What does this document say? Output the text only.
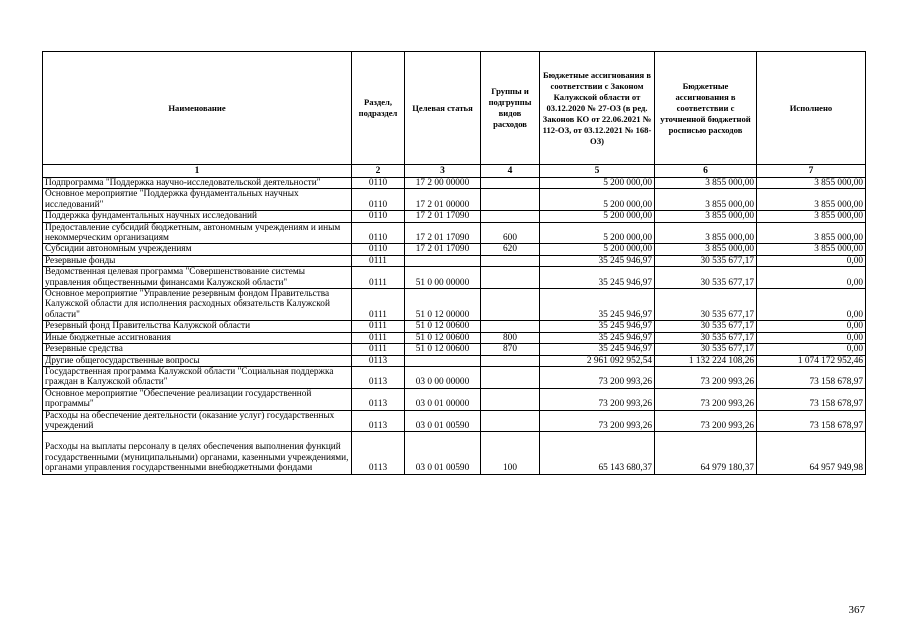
Наименование	Раздел, подраздел	Целевая статья	Группы и подгруппы видов расходов	Бюджетные ассигнования в соответствии с Законом Калужской области от 03.12.2020 № 27-ОЗ (в ред. Законов КО от 22.06.2021 № 112-ОЗ, от 03.12.2021 № 168-ОЗ)	Бюджетные ассигнования в соответствии с уточненной бюджетной росписью расходов	Исполнено
1	2	3	4	5	6	7
Подпрограмма "Поддержка научно-исследовательской деятельности"	0110	17 2 00 00000		5 200 000,00	3 855 000,00	3 855 000,00
Основное мероприятие "Поддержка фундаментальных научных исследований"	0110	17 2 01 00000		5 200 000,00	3 855 000,00	3 855 000,00
Поддержка фундаментальных научных исследований	0110	17 2 01 17090		5 200 000,00	3 855 000,00	3 855 000,00
Предоставление субсидий бюджетным, автономным учреждениям и иным некоммерческим организациям	0110	17 2 01 17090	600	5 200 000,00	3 855 000,00	3 855 000,00
Субсидии автономным учреждениям	0110	17 2 01 17090	620	5 200 000,00	3 855 000,00	3 855 000,00
Резервные фонды	0111			35 245 946,97	30 535 677,17	0,00
Ведомственная целевая программа "Совершенствование системы управления общественными финансами Калужской области"	0111	51 0 00 00000		35 245 946,97	30 535 677,17	0,00
Основное мероприятие "Управление резервным фондом Правительства Калужской области для исполнения расходных обязательств Калужской области"	0111	51 0 12 00000		35 245 946,97	30 535 677,17	0,00
Резервный фонд Правительства Калужской области	0111	51 0 12 00600		35 245 946,97	30 535 677,17	0,00
Иные бюджетные ассигнования	0111	51 0 12 00600	800	35 245 946,97	30 535 677,17	0,00
Резервные средства	0111	51 0 12 00600	870	35 245 946,97	30 535 677,17	0,00
Другие общегосударственные вопросы	0113			2 961 092 952,54	1 132 224 108,26	1 074 172 952,46
Государственная программа Калужской области "Социальная поддержка граждан в Калужской области"	0113	03 0 00 00000		73 200 993,26	73 200 993,26	73 158 678,97
Основное мероприятие "Обеспечение реализации государственной программы"	0113	03 0 01 00000		73 200 993,26	73 200 993,26	73 158 678,97
Расходы на обеспечение деятельности (оказание услуг) государственных учреждений	0113	03 0 01 00590		73 200 993,26	73 200 993,26	73 158 678,97
Расходы на выплаты персоналу в целях обеспечения выполнения функций государственными (муниципальными) органами, казенными учреждениями, органами управления государственными внебюджетными фондами	0113	03 0 01 00590	100	65 143 680,37	64 979 180,37	64 957 949,98
367
